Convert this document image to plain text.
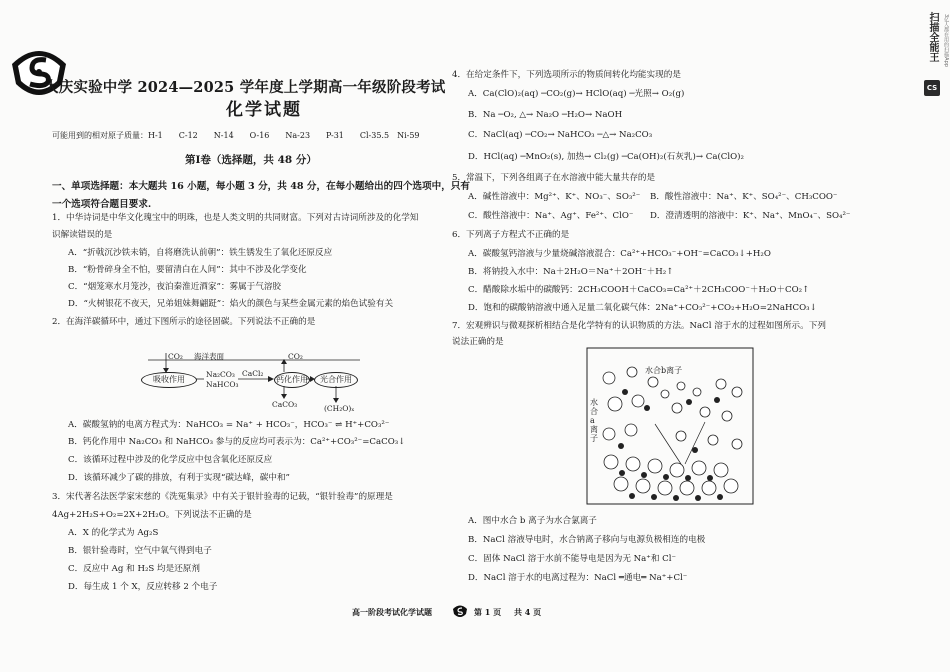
扫描全能王	3亿人都在用的扫描App
CS
大庆实验中学 2024—2025 学年度上学期高一年级阶段考试
化学试题
可能用到的相对原子质量：H-1　　C-12　　N-14　　O-16　　Na-23　　P-31　　Cl-35.5　Ni-59
第Ⅰ卷（选择题，共 48 分）
一、单项选择题：本大题共 16 小题，每小题 3 分，共 48 分，在每小题给出的四个选项中，只有
一个选项符合题目要求.
1．中华诗词是中华文化瑰宝中的明珠，也是人类文明的共同财富。下列对古诗词所涉及的化学知
识解读错误的是
A．“折戟沉沙铁未销，自将磨洗认前朝”：铁生锈发生了氧化还原反应
B．“粉骨碎身全不怕，要留清白在人间”：其中不涉及化学变化
C．“烟笼寒水月笼沙，夜泊秦淮近酒家”：雾属于气溶胶
D．“火树银花不夜天，兄弟姐妹舞翩跹”：焰火的颜色与某些金属元素的焰色试验有关
2．在海洋碳循环中，通过下图所示的途径固碳。下列说法不正确的是
CO₂ 海洋表面
吸收作用
Na₂CO₃
NaHCO₃
CaCl₂
钙化作用
CO₂
光合作用
CaCO₃	(CH₂O)ₓ
A．碳酸氢钠的电离方程式为：NaHCO₃ = Na⁺ + HCO₃⁻，HCO₃⁻ ⇌ H⁺+CO₃²⁻
B．钙化作用中 Na₂CO₃ 和 NaHCO₃ 参与的反应均可表示为：Ca²⁺+CO₃²⁻=CaCO₃↓
C．该循环过程中涉及的化学反应中包含氧化还原反应
D．该循环减少了碳的排放，有利于实现“碳达峰，碳中和”
3．宋代著名法医学家宋慈的《洗冤集录》中有关于银针验毒的记载，“银针验毒”的原理是
4Ag+2H₂S+O₂=2X+2H₂O。下列说法不正确的是
A．X 的化学式为 Ag₂S
B．银针验毒时，空气中氧气得到电子
C．反应中 Ag 和 H₂S 均是还原剂
D．每生成 1 个 X，反应转移 2 个电子
4．在给定条件下，下列选项所示的物质间转化均能实现的是
A．Ca(ClO)₂(aq) ─CO₂(g)→ HClO(aq) ─光照→ O₂(g)
B．Na ─O₂, △→ Na₂O ─H₂O→ NaOH
C．NaCl(aq) ─CO₂→ NaHCO₃ ─△→ Na₂CO₃
D．HCl(aq) ─MnO₂(s), 加热→ Cl₂(g) ─Ca(OH)₂(石灰乳)→ Ca(ClO)₂
5．常温下，下列各组离子在水溶液中能大量共存的是
A．碱性溶液中：Mg²⁺、K⁺、NO₃⁻、SO₃²⁻ B．酸性溶液中：Na⁺、K⁺、SO₄²⁻、CH₃COO⁻
C．酸性溶液中：Na⁺、Ag⁺、Fe²⁺、ClO⁻ D．澄清透明的溶液中：K⁺、Na⁺、MnO₄⁻、SO₄²⁻
6．下列离子方程式不正确的是
A．碳酸氢钙溶液与少量烧碱溶液混合：Ca²⁺+HCO₃⁻+OH⁻=CaCO₃↓+H₂O
B．将钠投入水中：Na＋2H₂O＝Na⁺＋2OH⁻＋H₂↑
C．醋酸除水垢中的碳酸钙：2CH₃COOH＋CaCO₃=Ca²⁺＋2CH₃COO⁻＋H₂O＋CO₂↑
D．饱和的碳酸钠溶液中通入足量二氧化碳气体：2Na⁺+CO₃²⁻+CO₂+H₂O=2NaHCO₃↓
7．宏观辨识与微观探析相结合是化学特有的认识物质的方法。NaCl 溶于水的过程如图所示。下列
说法正确的是
水合b离子
水合a离子
A．图中水合 b 离子为水合氯离子
B．NaCl 溶液导电时，水合钠离子移向与电源负极相连的电极
C．固体 NaCl 溶于水前不能导电是因为无 Na⁺和 Cl⁻
D．NaCl 溶于水的电离过程为：NaCl ═通电═ Na⁺+Cl⁻
高一阶段考试化学试题	第 1 页 共 4 页
